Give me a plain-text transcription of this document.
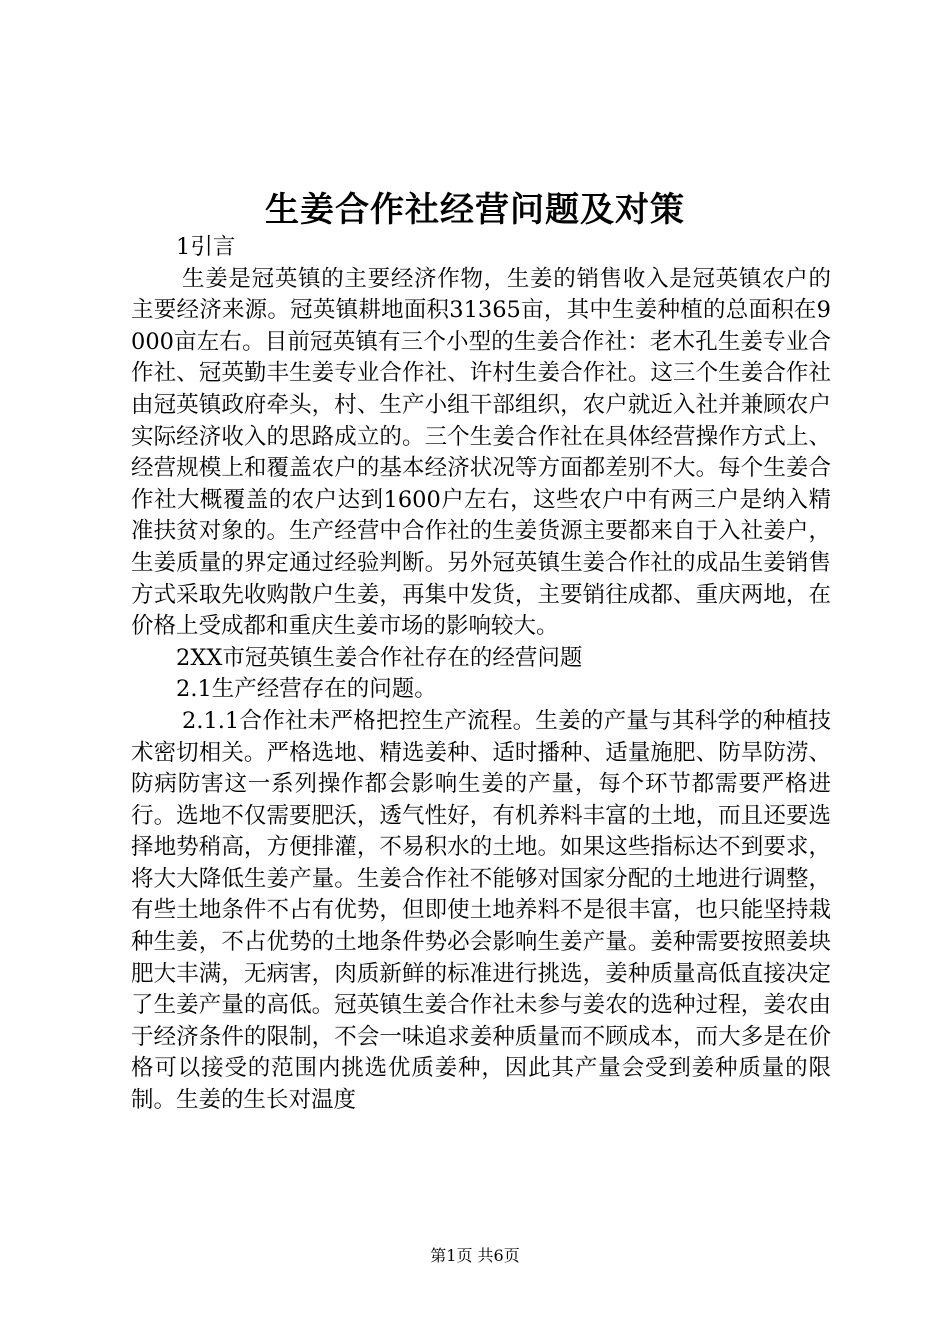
生姜合作社经营问题及对策

1引言

生姜是冠英镇的主要经济作物，生姜的销售收入是冠英镇农户的主要经济来源。冠英镇耕地面积31365亩，其中生姜种植的总面积在9000亩左右。目前冠英镇有三个小型的生姜合作社：老木孔生姜专业合作社、冠英勤丰生姜专业合作社、许村生姜合作社。这三个生姜合作社由冠英镇政府牵头，村、生产小组干部组织，农户就近入社并兼顾农户实际经济收入的思路成立的。三个生姜合作社在具体经营操作方式上、经营规模上和覆盖农户的基本经济状况等方面都差别不大。每个生姜合作社大概覆盖的农户达到1600户左右，这些农户中有两三户是纳入精准扶贫对象的。生产经营中合作社的生姜货源主要都来自于入社姜户，生姜质量的界定通过经验判断。另外冠英镇生姜合作社的成品生姜销售方式采取先收购散户生姜，再集中发货，主要销往成都、重庆两地，在价格上受成都和重庆生姜市场的影响较大。

2XX市冠英镇生姜合作社存在的经营问题

2.1生产经营存在的问题。

2.1.1合作社未严格把控生产流程。生姜的产量与其科学的种植技术密切相关。严格选地、精选姜种、适时播种、适量施肥、防旱防涝、防病防害这一系列操作都会影响生姜的产量，每个环节都需要严格进行。选地不仅需要肥沃，透气性好，有机养料丰富的土地，而且还要选择地势稍高，方便排灌，不易积水的土地。如果这些指标达不到要求，将大大降低生姜产量。生姜合作社不能够对国家分配的土地进行调整，有些土地条件不占有优势，但即使土地养料不是很丰富，也只能坚持栽种生姜，不占优势的土地条件势必会影响生姜产量。姜种需要按照姜块肥大丰满，无病害，肉质新鲜的标准进行挑选，姜种质量高低直接决定了生姜产量的高低。冠英镇生姜合作社未参与姜农的选种过程，姜农由于经济条件的限制，不会一味追求姜种质量而不顾成本，而大多是在价格可以接受的范围内挑选优质姜种，因此其产量会受到姜种质量的限制。生姜的生长对温度

第1页 共6页
